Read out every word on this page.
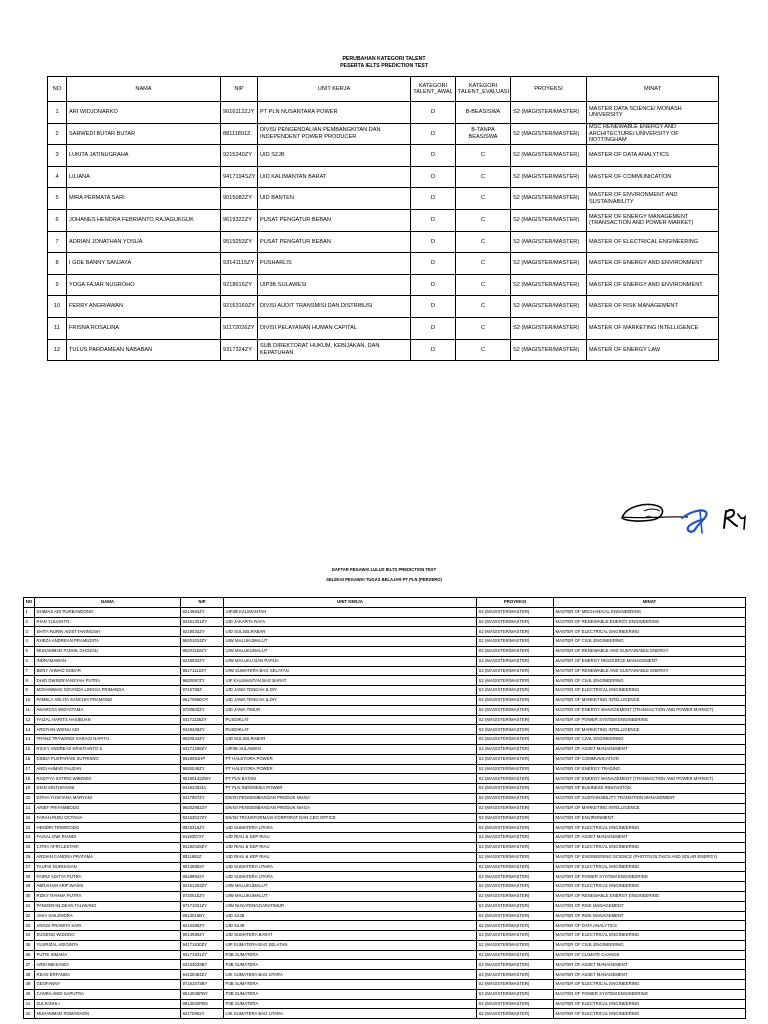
PERUBAHAN KATEGORI TALENT
PESERTA IELTS PREDICTION TEST
NO	NAMA	NIP	UNIT KERJA	KATEGORI TALENT_AWAL	KATEGORI TALENT_EVALUASI	PROYEKSI	MINAT
1	ARI WIDJONARKO	9016112ZJY	PT PLN NUSANTARA POWER	D	B-BEASISWA	S2 (MAGISTER/MASTER)	MASTER DATA SCIENCE/ MONASH UNIVERSITY
2	SARWEDI BUTAR BUTAR	88111891Z	DIVISI PENGENDALIAN PEMBANGKITAN DAN INDEPENDENT POWER PRODUCER	D	B-TANPA BEASISWA	S2 (MAGISTER/MASTER)	MSC RENEWABLE ENERGY AND ARCHITECTURE/ UNIVERSITY OF NOTTINGHAM
3	LUKITA JATINUGRAHA	9215240ZY	UID S2JB	D	C	S2 (MAGISTER/MASTER)	MASTER OF DATA ANALYTICS
4	LILIANA	9417194SZY	UID KALIMANTAN BARAT	D	C	S2 (MAGISTER/MASTER)	MASTER OF COMMUNICATION
5	MIRA PERMATA SARI	9015082ZY	UID BANTEN	D	C	S2 (MAGISTER/MASTER)	MASTER OF ENVIRONMENT AND SUSTAINABILITY
6	JOHANES HENDRA FEBRIANTO RAJAGUKGUK	9619322ZY	PUSAT PENGATUR BEBAN	D	C	S2 (MAGISTER/MASTER)	MASTER OF ENERGY MANAGEMENT (TRANSACTION AND POWER MARKET)
7	ADRIAN JONATHAN YOSUA	9519253ZY	PUSAT PENGATUR BEBAN	D	C	S2 (MAGISTER/MASTER)	MASTER OF ELECTRICAL ENGINEERING
8	I GDE BANNY SANJAYA	93141115ZY	PUSHARLIS	D	C	S2 (MAGISTER/MASTER)	MASTER OF ENERGY AND ENVIRONMENT
9	YOGA FAJAR NUGROHO	9218616ZY	UIP3B SULAWESI	D	C	S2 (MAGISTER/MASTER)	MASTER OF ENERGY AND ENVIRONMENT
10	FERRY ANGRIAWAN	92163169ZY	DIVISI AUDIT TRANSMISI DAN DISTRIBUSI	D	C	S2 (MAGISTER/MASTER)	MASTER OF RISK MANAGEMENT
11	FRISNA ROSALINA	91172026ZY	DIVISI PELAYANAN HUMAN CAPITAL	D	C	S2 (MAGISTER/MASTER)	MASTER OF MARKETING INTELLIGENCE
12	TULUS PARDAMEAN NABABAN	9317324ZY	SUB DIREKTORAT HUKUM, KEBIJAKAN, DAN KEPATUHAN	D	C	S2 (MAGISTER/MASTER)	MASTER OF ENERGY LAW
DAFTAR PEGAWAI LULUS IELTS PREDICTION TEST
SELEKSI PEGAWAI TUGAS BELAJAR PT PLN (PERSERO)
NO	NAMA	NIP	UNIT KERJA	PROYEKSI	MINAT
1	DHIMAS ADI PURBANDONO	9214594ZY	UIP3B KALIMANTAN	S2 (MAGISTER/MASTER)	MASTER OF MECHANICAL ENGINEERING
2	RIAN YULIANTO	92161321ZY	UID JAKARTA RAYA	S2 (MAGISTER/MASTER)	MASTER OF RENEWABLE ENERGY ENGINEERING
3	SHITA RURIN ADISTYANINGSIH	9219032ZY	UID SULSELRABAR	S2 (MAGISTER/MASTER)	MASTER OF ELECTRICAL ENGINEERING
4	RHEZA ANDREAN PRAMUDITA	96201024ZY	UIW MALUKUMALUT	S2 (MAGISTER/MASTER)	MASTER OF CIVIL ENGINEERING
5	MUHAMMAD FADHIL GHOZALI	96201192ZY	UIW MALUKUMALUT	S2 (MAGISTER/MASTER)	MASTER OF RENEWABLE AND SUSTAINABLE ENERGY
6	INDRAMAWAN	9218932ZY	UIW MALUKU DAN PAPUA	S2 (MAGISTER/MASTER)	MASTER OF ENERGY RESOURCE MANAGEMENT
7	BENY AHMAD SOBAR	95171112ZY	UIW SUMATERA BAG SELATAN	S2 (MAGISTER/MASTER)	MASTER OF RENEWABLE AND SUSTAINABLE ENERGY
8	DHIO DWINOFIANSYAH PUTRA	9620097ZY	UIP KALIMANTAN BAG BARAT	S2 (MAGISTER/MASTER)	MASTER OF CIVIL ENGINEERING
9	MOHAMMAD GOVINDA LINGGA PRIMANDA	9716798Z	UID JAWA TENGAH & DIY	S2 (MAGISTER/MASTER)	MASTER OF ELECTRICAL ENGINEERING
10	PAMELA VELITA SANCHIA PRAMONO	9617066DOY	UID JAWA TENGAH & DIY	S2 (MAGISTER/MASTER)	MASTER OF MARKETING INTELLIGENCE
11	ANARGYA WIDYATAMA	9720803ZY	UID JAWA TIMUR	S2 (MAGISTER/MASTER)	MASTER OF ENERGY MANAGEMENT (TRANSACTION AND POWER MARKET)
12	FAIZAL HARITS HASIBUAN	93171135ZY	PUSDIKLAT	S2 (MAGISTER/MASTER)	MASTER OF POWER SYSTEM ENGINEERING
13	ARDIYAN WISNU ADI	9419436ZY	PUSDIKLAT	S2 (MAGISTER/MASTER)	MASTER OF MARKETING INTELLIGENCE
14	FRANZ TRYWANDI SARAGI NAPITU	9520543ZY	UID SULSELRABAR	S2 (MAGISTER/MASTER)	MASTER OF CIVIL ENGINEERING
15	RICKY ANDREAS KRISTIANTO S	93171298ZY	UIP3B SULAWESI	S2 (MAGISTER/MASTER)	MASTER OF ASSET MANAGEMENT
16	DINDA PUSPARANI SUTRISNO	9519091HP	PT HALEYORA POWER	S2 (MAGISTER/MASTER)	MASTER OF COMMUNICATION
17	ANDI AHMAD FAUZAN	9920048ZY	PT HALEYORA POWER	S2 (MAGISTER/MASTER)	MASTER OF ENERGY TRADING
18	RADITYA SATRIO WIBOWO	95180142ZWY	PT PLN BATAM	S2 (MAGISTER/MASTER)	MASTER OF ENERGY MANAGEMENT (TRANSACTION AND POWER MARKET)
19	DIAN SINTHIAYANI	9418240311	PT PLN INDONESIA POWER	S2 (MAGISTER/MASTER)	MASTER OF BUSINESS INNOVATION
20	DITHA YUSFIANA MARYANI	9417907ZY	DIVISI PENGEMBANGAN PRODUK NIAGA	S2 (MAGISTER/MASTER)	MASTER OF SUSTAINABILITY TRANSITION MANAGEMENT
21	ARIEF PRIYAMBODO	96202962ZY	DIVISI PENGEMBANGAN PRODUK NIAGA	S2 (MAGISTER/MASTER)	MASTER OF MARKETING INTELLIGENCE
22	FARAH RIZKI OCTAVIA	92163047ZY	DIVISI TRANSFORMASI KORPORAT DAN CEO OFFICE	S2 (MAGISTER/MASTER)	MASTER OF ENVIRONMENT
23	HENDRI TRIWIDODO	8815316ZY	UID SUMATERA UTARA	S2 (MAGISTER/MASTER)	MASTER OF ELECTRICAL ENGINEERING
24	FAISAL DWI RIANDI	91193072Y	UID RIAU & KEP RIAU	S2 (MAGISTER/MASTER)	MASTER OF ASSET MANAGEMENT
25	CITRA AFRI LESTARI	94182028ZY	UID RIAU & KEP RIAU	S2 (MAGISTER/MASTER)	MASTER OF ELECTRICAL ENGINEERING
26	ARDIAN CANDRA PRATAMA	8811652Z	UID RIAU & KEP RIAU	S2 (MAGISTER/MASTER)	MASTER OF ENGINEERING SCIENCE (PHOTOVOLTAICS AND SOLAR ENERGY)
27	TAUFIK NURHASAN	90146852Y	UID SUMATERA UTARA	S2 (MAGISTER/MASTER)	MASTER OF ELECTRICAL ENGINEERING
28	FAIRIZ ADITYA PUTRA	96189942Y	UID SUMATERA UTARA	S2 (MAGISTER/MASTER)	MASTER OF POWER SYSTEM ENGINEERING
29	ABRAHAM ARIF WASIS	92151253ZY	UIW MALUKUMALUT	S2 (MAGISTER/MASTER)	MASTER OF ELECTRICAL ENGINEERING
30	RIZKY RAHMA PUTRA	9720515ZY	UIW MALUKUMALUT	S2 (MAGISTER/MASTER)	MASTER OF RENEWABLE ENERGY ENGINEERING
31	PANGERAN DEAN TALIWANG	97171021ZY	UIW NUSATENGGARATIMUR	S2 (MAGISTER/MASTER)	MASTER OF RISK MANAGEMENT
32	JAKA SAILENDRA	9013016BY	UID S2JB	S2 (MAGISTER/MASTER)	MASTER OF RISK MANAGEMENT
33	ANGGI PRAMITA SARI	9214385ZY	UID S2JB	S2 (MAGISTER/MASTER)	MASTER OF DATA ANALYTICS
34	SUGENG WIDODO	9014989ZY	UID SUMATERA BARAT	S2 (MAGISTER/MASTER)	MASTER OF ELECTRICAL ENGINEERING
35	YUSRIZAL ADIGINTA	94171530ZY	UIP SUMATERA BAG SELATAN	S2 (MAGISTER/MASTER)	MASTER OF CIVIL ENGINEERING
36	PUTRI ISMADA	93171931ZY	P3B SUMATERA	S2 (MAGISTER/MASTER)	MASTER OF CLIMATE CHANGE
37	ARDI MEISANDI	93133029BY	P3B SUMATERA	S2 (MAGISTER/MASTER)	MASTER OF ASSET MANAGEMENT
38	REAN ERFANDA	94130484ZY	UIK SUMATERA BAG UTARA	S2 (MAGISTER/MASTER)	MASTER OF ASSET MANAGEMENT
39	GEOFANNY	97161673BY	P3B SUMATERA	S2 (MAGISTER/MASTER)	MASTER OF ELECTRICAL ENGINEERING
40	CANRA ANDI SAPUTRA	8514036PBY	P3B SUMATERA	S2 (MAGISTER/MASTER)	MASTER OF POWER SYSTEM ENGINEERING
41	ZULFADHLI	8913032PBS	P3B SUMATERA	S2 (MAGISTER/MASTER)	MASTER OF ELECTRICAL ENGINEERING
42	MUHAMMAD ROMADHON	92170962Y	UIK SUMATERA BAG UTARA	S2 (MAGISTER/MASTER)	MASTER OF ELECTRICAL ENGINEERING
